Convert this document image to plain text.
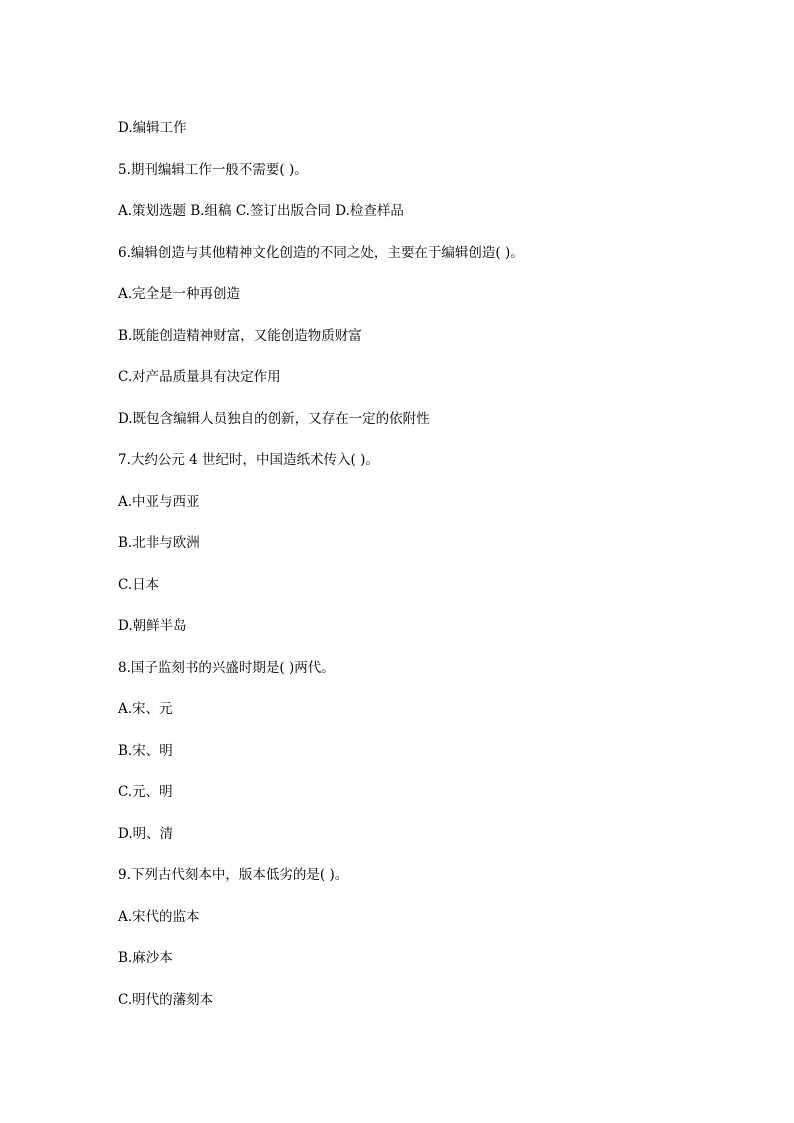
D.编辑工作
5.期刊编辑工作一般不需要( )。
A.策划选题 B.组稿 C.签订出版合同 D.检查样品
6.编辑创造与其他精神文化创造的不同之处，主要在于编辑创造( )。
A.完全是一种再创造
B.既能创造精神财富，又能创造物质财富
C.对产品质量具有决定作用
D.既包含编辑人员独自的创新，又存在一定的依附性
7.大约公元 4 世纪时，中国造纸术传入( )。
A.中亚与西亚
B.北非与欧洲
C.日本
D.朝鲜半岛
8.国子监刻书的兴盛时期是( )两代。
A.宋、元
B.宋、明
C.元、明
D.明、清
9.下列古代刻本中，版本低劣的是( )。
A.宋代的监本
B.麻沙本
C.明代的藩刻本
